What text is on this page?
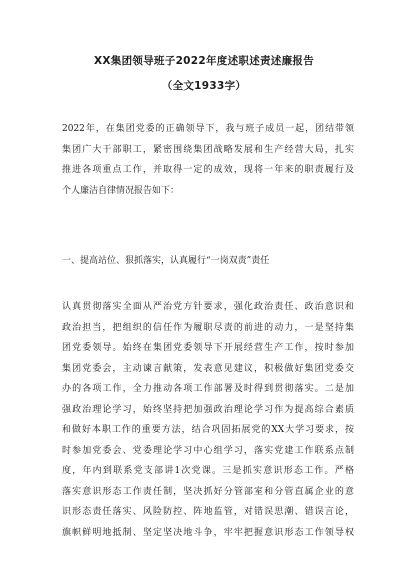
XX集团领导班子2022年度述职述责述廉报告
（全文1933字）
2022年，在集团党委的正确领导下，我与班子成员一起，团结带领
集团广大干部职工，紧密围绕集团战略发展和生产经营大局，扎实
推进各项重点工作，并取得一定的成效，现将一年来的职责履行及
个人廉洁自律情况报告如下：
一、提高站位、狠抓落实，认真履行“一岗双责”责任
认真贯彻落实全面从严治党方针要求，强化政治责任、政治意识和
政治担当，把组织的信任作为履职尽责的前进的动力，一是坚持集
团党委领导。始终在集团党委领导下开展经营生产工作，按时参加
集团党委会，主动谏言献策，发表意见建议，积极做好集团党委交
办的各项工作，全力推动各项工作部署及时得到贯彻落实。二是加
强政治理论学习，始终坚持把加强政治理论学习作为提高综合素质
和做好本职工作的重要方法，结合巩固拓展党的XX大学习要求，按
时参加党委会、党委理论学习中心组学习，落实党建工作联系点制
度，年内到联系党支部讲1次党课。三是抓实意识形态工作。严格
落实意识形态工作责任制，坚决抓好分管部室和分管直属企业的意
识形态责任落实、风险防控、阵地监管，对错误思潮、错误言论，
旗帜鲜明地抵制、坚定坚决地斗争，牢牢把握意识形态工作领导权
